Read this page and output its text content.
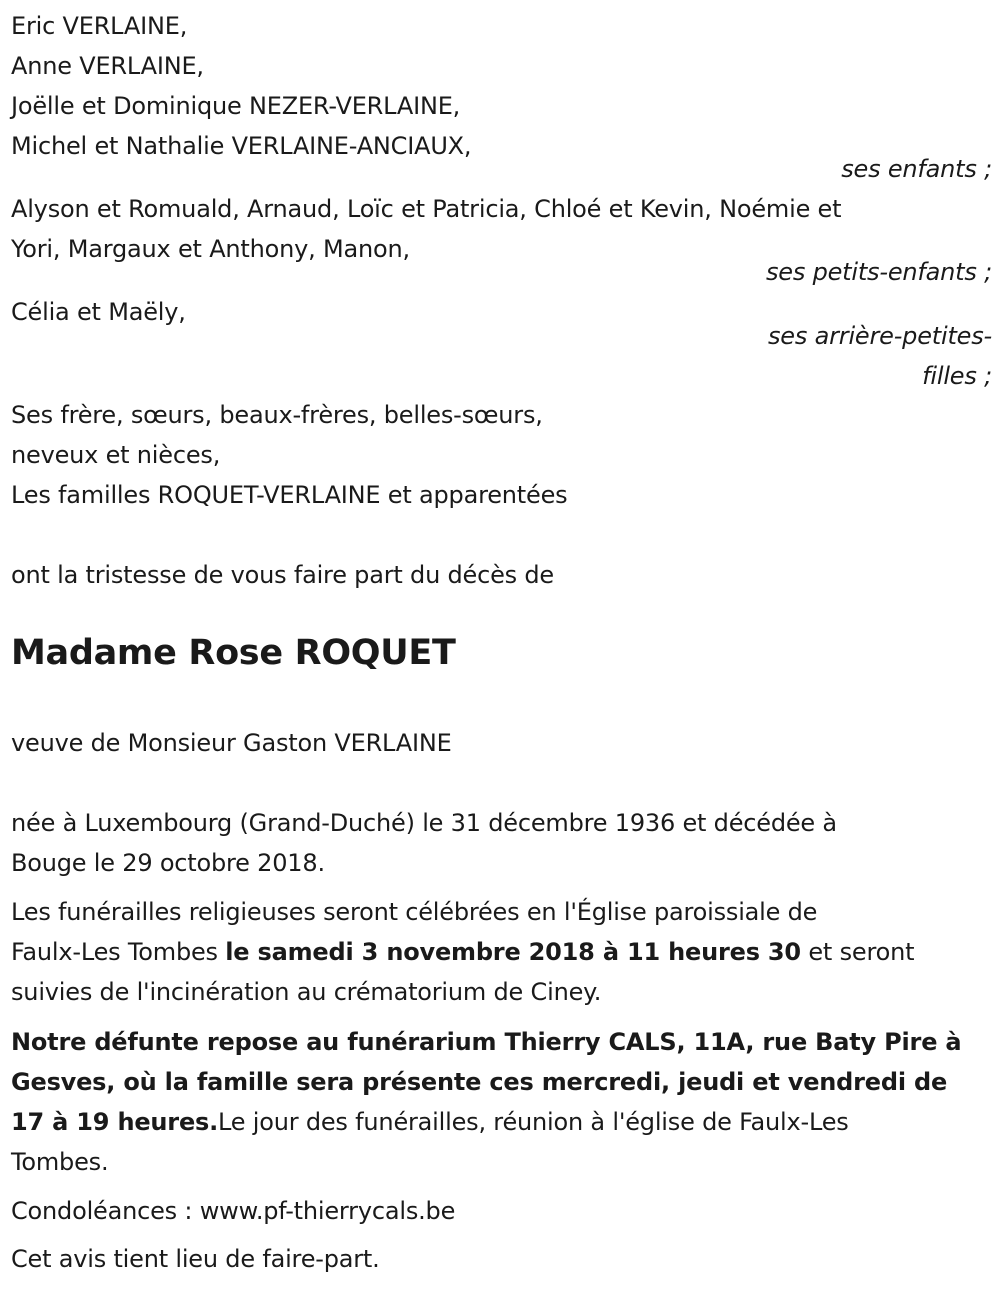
Eric VERLAINE,
Anne VERLAINE,
Joëlle et Dominique NEZER-VERLAINE,
Michel et Nathalie VERLAINE-ANCIAUX,
ses enfants ;
Alyson et Romuald, Arnaud, Loïc et Patricia, Chloé et Kevin, Noémie et
Yori, Margaux et Anthony, Manon,
ses petits-enfants ;
Célia et Maëly,
ses arrière-petites-
filles ;
Ses frère, sœurs, beaux-frères, belles-sœurs,
neveux et nièces,
Les familles ROQUET-VERLAINE et apparentées
ont la tristesse de vous faire part du décès de
Madame Rose ROQUET
veuve de Monsieur Gaston VERLAINE
née à Luxembourg (Grand-Duché) le 31 décembre 1936 et décédée à
Bouge le 29 octobre 2018.
Les funérailles religieuses seront célébrées en l'Église paroissiale de
Faulx-Les Tombes le samedi 3 novembre 2018 à 11 heures 30 et seront
suivies de l'incinération au crématorium de Ciney.
Notre défunte repose au funérarium Thierry CALS, 11A, rue Baty Pire à
Gesves, où la famille sera présente ces mercredi, jeudi et vendredi de
17 à 19 heures.Le jour des funérailles, réunion à l'église de Faulx-Les
Tombes.
Condoléances : www.pf-thierrycals.be
Cet avis tient lieu de faire-part.
